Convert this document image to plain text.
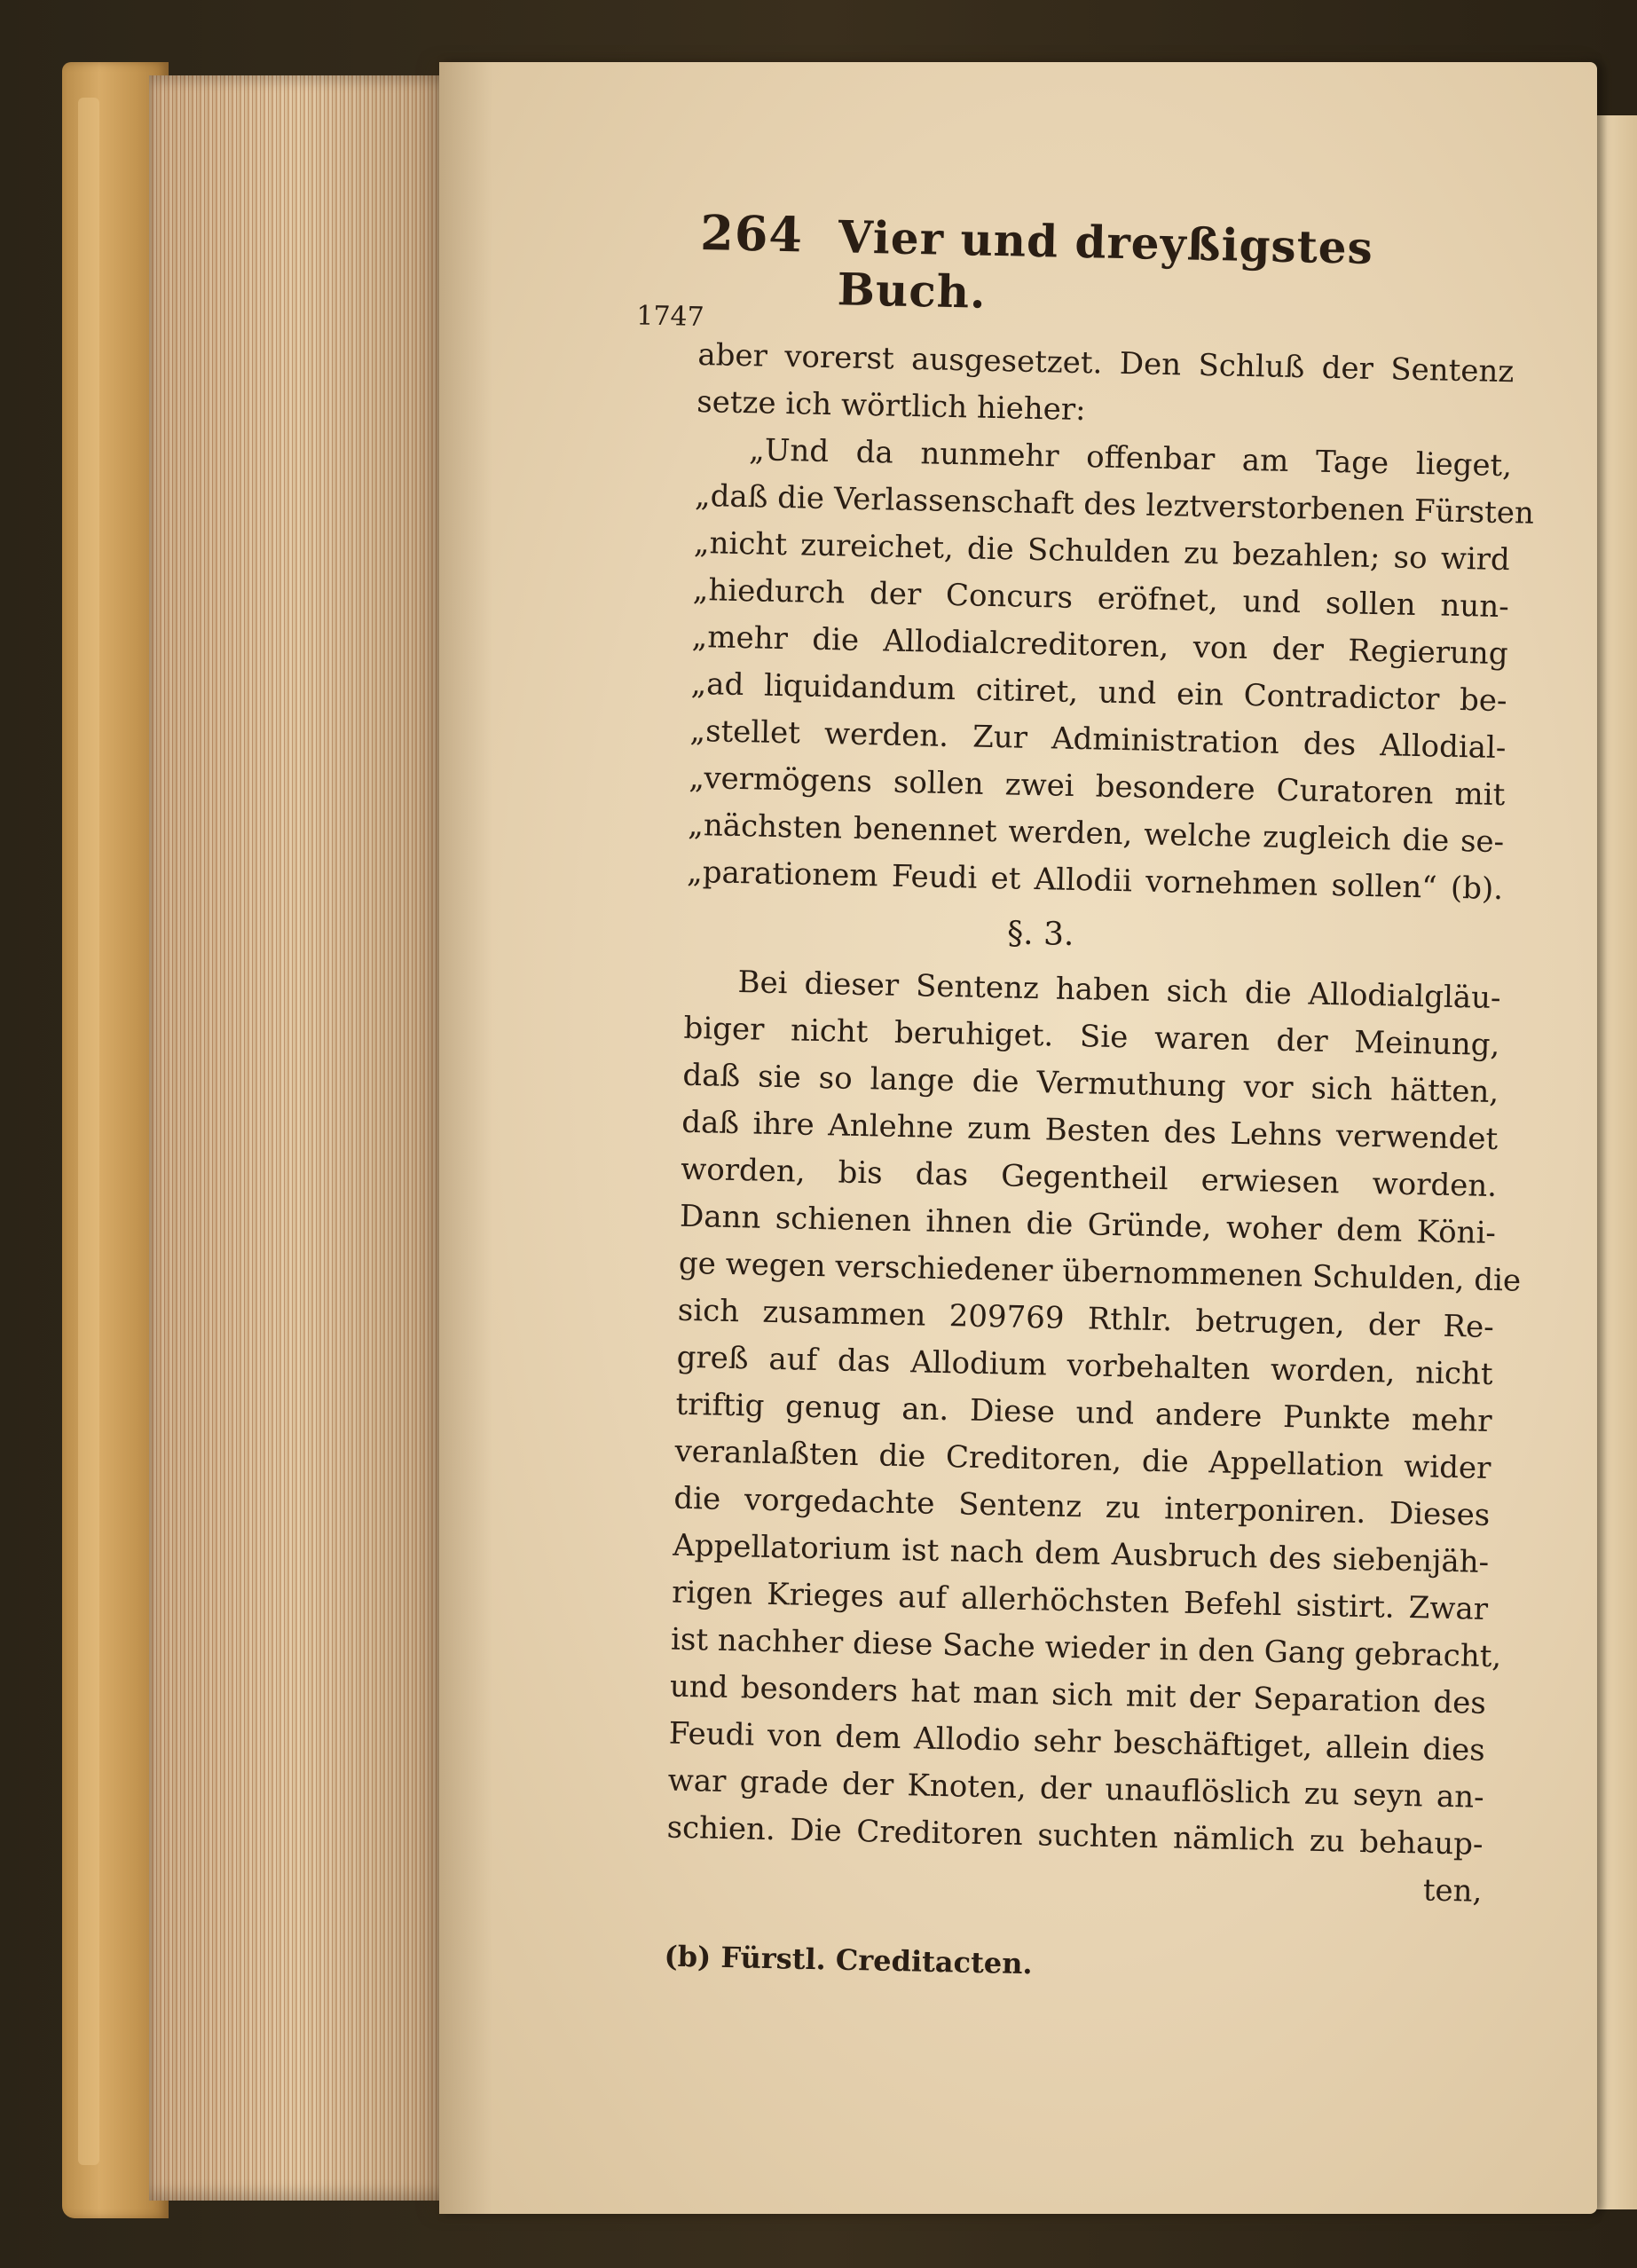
264 Vier und dreyßigstes Buch.
1747
aber vorerst ausgesetzet. Den Schluß der Sentenz
setze ich wörtlich hieher:
„Und da nunmehr offenbar am Tage lieget,
„daß die Verlassenschaft des leztverstorbenen Fürsten
„nicht zureichet, die Schulden zu bezahlen; so wird
„hiedurch der Concurs eröfnet, und sollen nun-
„mehr die Allodialcreditoren, von der Regierung
„ad liquidandum citiret, und ein Contradictor be-
„stellet werden. Zur Administration des Allodial-
„vermögens sollen zwei besondere Curatoren mit
„nächsten benennet werden, welche zugleich die se-
„parationem Feudi et Allodii vornehmen sollen“ (b).
§. 3.
Bei dieser Sentenz haben sich die Allodialgläu-
biger nicht beruhiget. Sie waren der Meinung,
daß sie so lange die Vermuthung vor sich hätten,
daß ihre Anlehne zum Besten des Lehns verwendet
worden, bis das Gegentheil erwiesen worden.
Dann schienen ihnen die Gründe, woher dem Köni-
ge wegen verschiedener übernommenen Schulden, die
sich zusammen 209769 Rthlr. betrugen, der Re-
greß auf das Allodium vorbehalten worden, nicht
triftig genug an. Diese und andere Punkte mehr
veranlaßten die Creditoren, die Appellation wider
die vorgedachte Sentenz zu interponiren. Dieses
Appellatorium ist nach dem Ausbruch des siebenjäh-
rigen Krieges auf allerhöchsten Befehl sistirt. Zwar
ist nachher diese Sache wieder in den Gang gebracht,
und besonders hat man sich mit der Separation des
Feudi von dem Allodio sehr beschäftiget, allein dies
war grade der Knoten, der unauflöslich zu seyn an-
schien. Die Creditoren suchten nämlich zu behaup-
ten,
(b) Fürstl. Creditacten.
